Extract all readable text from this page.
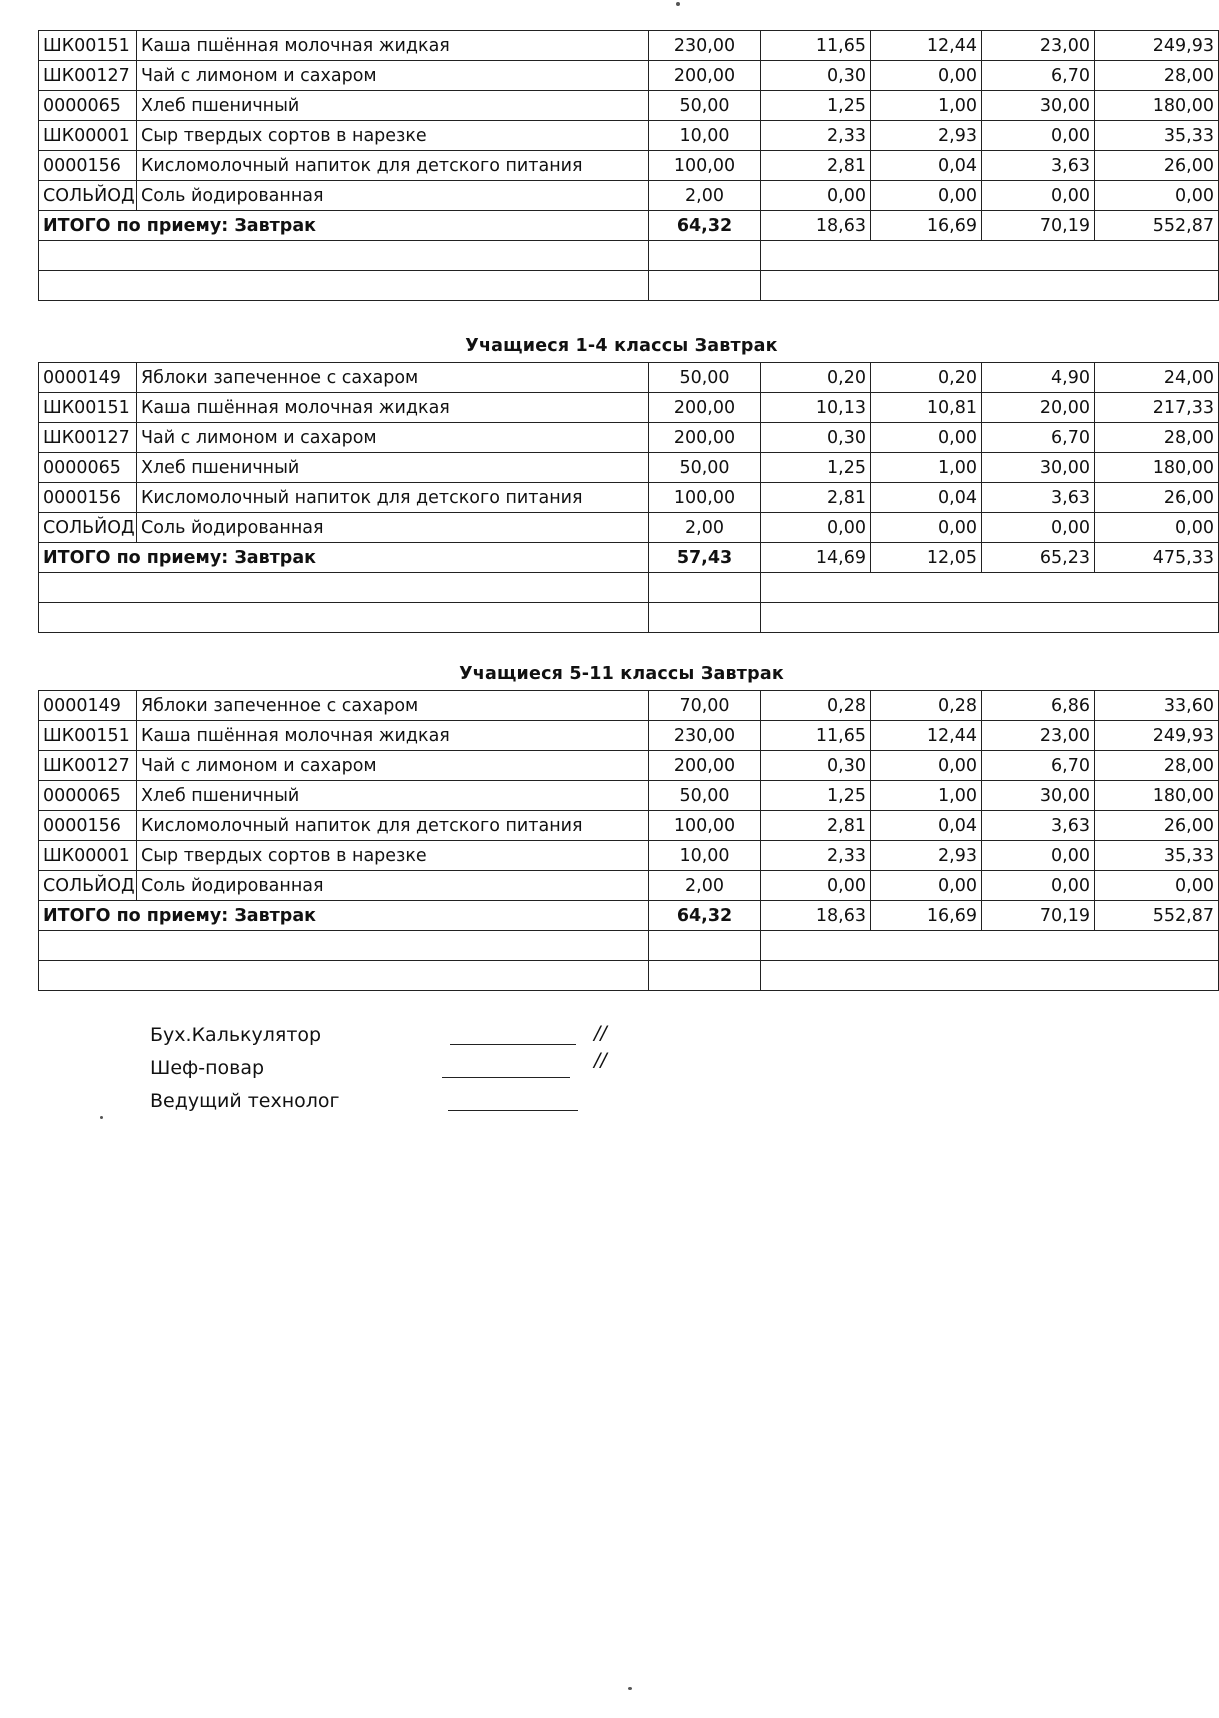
ШК00151	Каша пшённая молочная жидкая	230,00	11,65	12,44	23,00	249,93
ШК00127	Чай с лимоном и сахаром	200,00	0,30	0,00	6,70	28,00
0000065	Хлеб пшеничный	50,00	1,25	1,00	30,00	180,00
ШК00001	Сыр твердых сортов в нарезке	10,00	2,33	2,93	0,00	35,33
0000156	Кисломолочный напиток для детского питания	100,00	2,81	0,04	3,63	26,00
СОЛЬЙОД	Соль йодированная	2,00	0,00	0,00	0,00	0,00
ИТОГО по приему: Завтрак		64,32	18,63	16,69	70,19	552,87

Учащиеся 1-4 классы Завтрак
0000149	Яблоки запеченное с сахаром	50,00	0,20	0,20	4,90	24,00
ШК00151	Каша пшённая молочная жидкая	200,00	10,13	10,81	20,00	217,33
ШК00127	Чай с лимоном и сахаром	200,00	0,30	0,00	6,70	28,00
0000065	Хлеб пшеничный	50,00	1,25	1,00	30,00	180,00
0000156	Кисломолочный напиток для детского питания	100,00	2,81	0,04	3,63	26,00
СОЛЬЙОД	Соль йодированная	2,00	0,00	0,00	0,00	0,00
ИТОГО по приему: Завтрак		57,43	14,69	12,05	65,23	475,33

Учащиеся 5-11 классы Завтрак
0000149	Яблоки запеченное с сахаром	70,00	0,28	0,28	6,86	33,60
ШК00151	Каша пшённая молочная жидкая	230,00	11,65	12,44	23,00	249,93
ШК00127	Чай с лимоном и сахаром	200,00	0,30	0,00	6,70	28,00
0000065	Хлеб пшеничный	50,00	1,25	1,00	30,00	180,00
0000156	Кисломолочный напиток для детского питания	100,00	2,81	0,04	3,63	26,00
ШК00001	Сыр твердых сортов в нарезке	10,00	2,33	2,93	0,00	35,33
СОЛЬЙОД	Соль йодированная	2,00	0,00	0,00	0,00	0,00
ИТОГО по приему: Завтрак		64,32	18,63	16,69	70,19	552,87

Бух.Калькулятор	//
Шеф-повар	//
Ведущий технолог
